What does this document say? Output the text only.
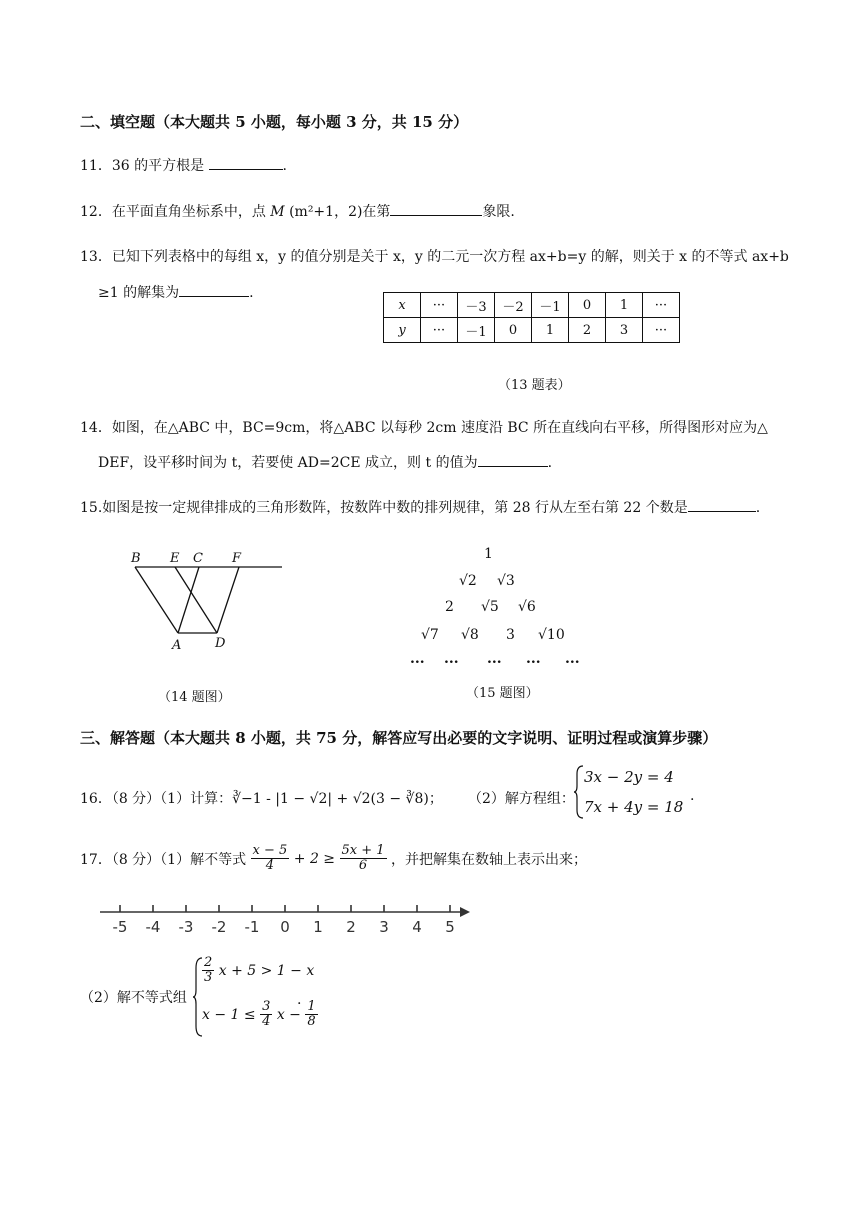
二、填空题（本大题共 5 小题，每小题 3 分，共 15 分）
11．36 的平方根是	.
12．在平面直角坐标系中，点 M (m²+1，2)在第	象限.
13．已知下列表格中的每组 x，y 的值分别是关于 x，y 的二元一次方程 ax+b=y 的解，则关于 x 的不等式 ax+b
≥1 的解集为	.
x	···	－3	－2	－1	0	1	···
y	···	－1	0	1	2	3	···
（13 题表）
14．如图，在△ABC 中，BC=9cm，将△ABC 以每秒 2cm 速度沿 BC 所在直线向右平移，所得图形对应为△
DEF，设平移时间为 t，若要使 AD=2CE 成立，则 t 的值为	.
15.如图是按一定规律排成的三角形数阵，按数阵中数的排列规律，第 28 行从左至右第 22 个数是	.
B E C F
A	D
（14 题图）
1
√2 √3
2 √5 √6
√7 √8 3 √10
... ... ... ... ...
（15 题图）
三、解答题（本大题共 8 小题，共 75 分，解答应写出必要的文字说明、证明过程或演算步骤）
16．（8 分）（1）计算：∛−1 - |1 − √2| + √2(3 − ∛8)； （2）解方程组：
3x − 2y = 4
7x + 4y = 18
.
17．（8 分）（1）解不等式 $\frac{x - 5}{4} + 2 \ge \frac{5x + 1}{6}$ ，并把解集在数轴上表示出来；
-5 -4 -3 -2 -1 0 1 2 3 4 5
（2）解不等式组
$\frac{2}{3}$ x + 5 > 1 − x
$x - 1 \le \frac{3}{4}$ $x - \frac{1}{8}$
.
